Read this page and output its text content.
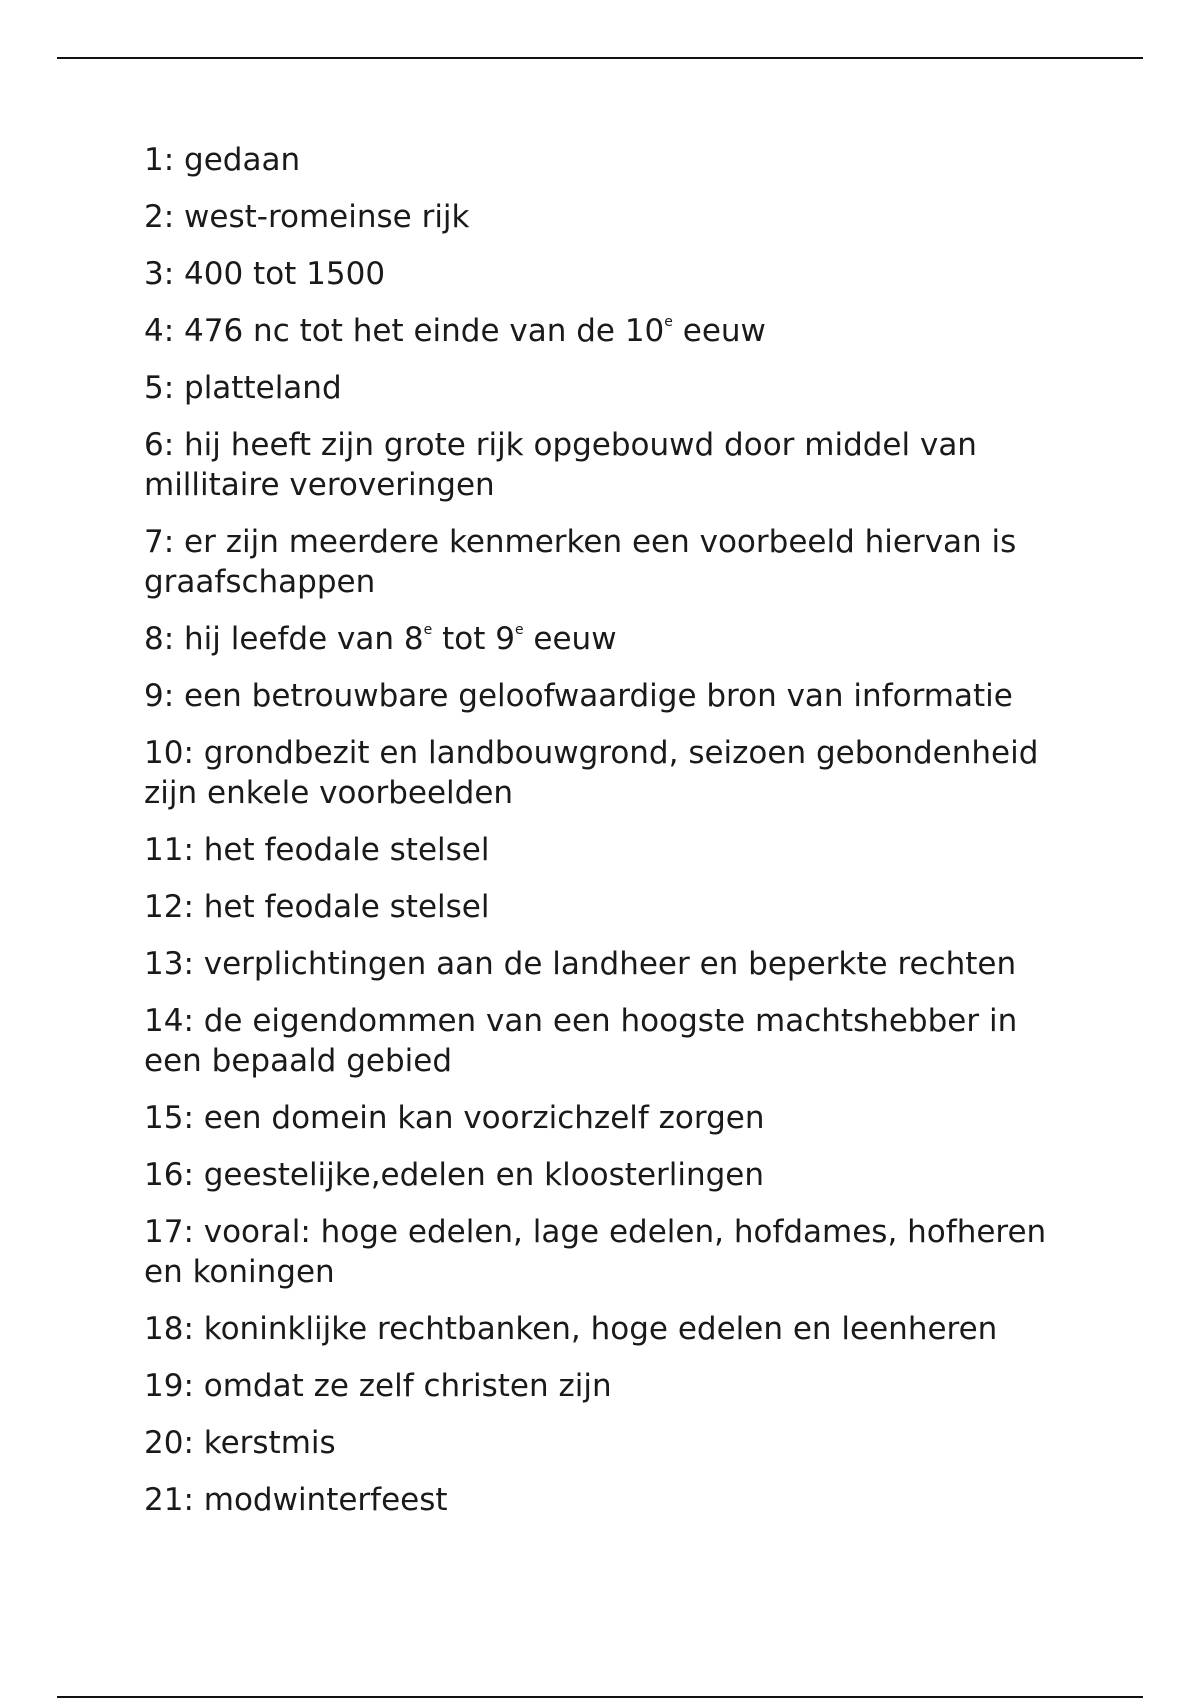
1: gedaan
2: west-romeinse rijk
3: 400 tot 1500
4: 476 nc tot het einde van de 10e eeuw
5: platteland
6: hij heeft zijn grote rijk opgebouwd door middel van millitaire veroveringen
7: er zijn meerdere kenmerken een voorbeeld hiervan is graafschappen
8: hij leefde van 8e tot 9e eeuw
9: een betrouwbare geloofwaardige bron van informatie
10: grondbezit en landbouwgrond, seizoen gebondenheid zijn enkele voorbeelden
11: het feodale stelsel
12: het feodale stelsel
13: verplichtingen aan de landheer en beperkte rechten
14: de eigendommen van een hoogste machtshebber in een bepaald gebied
15: een domein kan voorzichzelf zorgen
16: geestelijke,edelen en kloosterlingen
17: vooral: hoge edelen, lage edelen, hofdames, hofheren en koningen
18: koninklijke rechtbanken, hoge edelen en leenheren
19: omdat ze zelf christen zijn
20: kerstmis
21: modwinterfeest
